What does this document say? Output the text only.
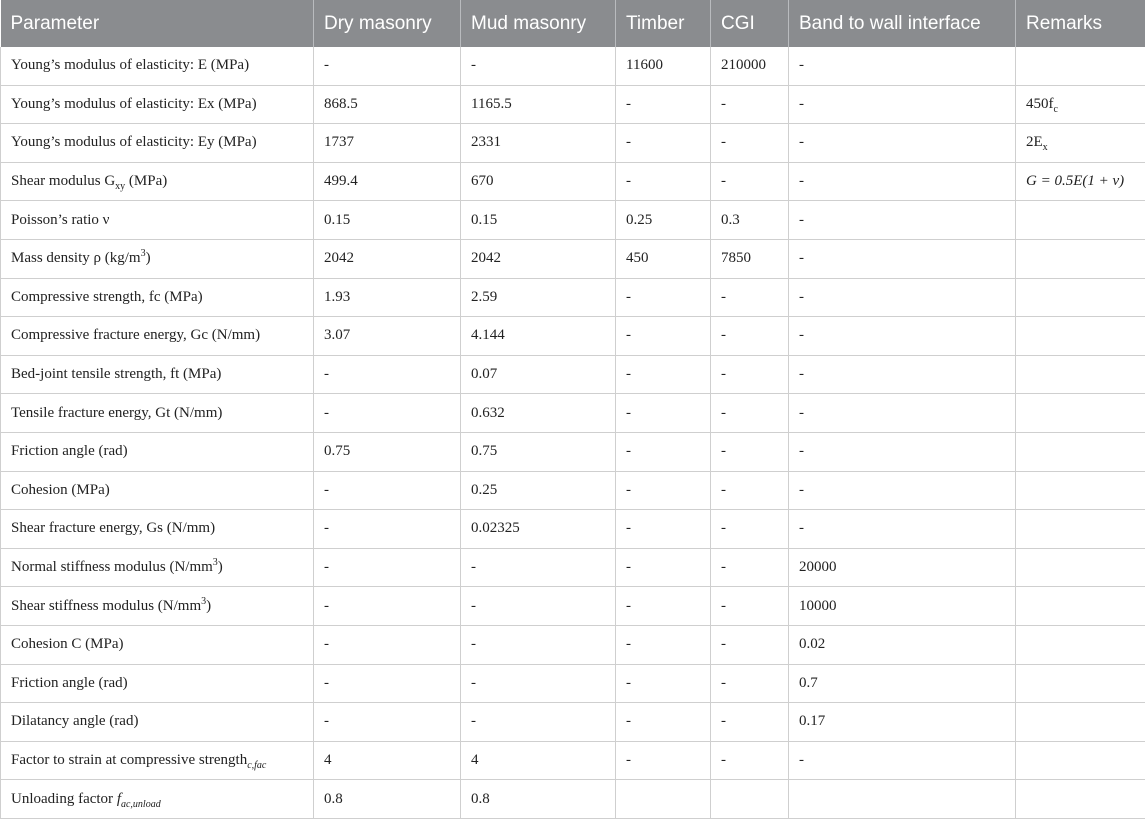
Parameter	Dry masonry	Mud masonry	Timber	CGI	Band to wall interface	Remarks
Young’s modulus of elasticity: E (MPa)	-	-	11600	210000	-	
Young’s modulus of elasticity: Ex (MPa)	868.5	1165.5	-	-	-	$450f_c$
Young’s modulus of elasticity: Ey (MPa)	1737	2331	-	-	-	$2E_x$
Shear modulus $G_{xy}$ (MPa)	499.4	670	-	-	-	G = 0.5E(1 + ν)
Poisson’s ratio ν	0.15	0.15	0.25	0.3	-	
Mass density ρ $(kg/m^3)$	2042	2042	450	7850	-	
Compressive strength, fc (MPa)	1.93	2.59	-	-	-	
Compressive fracture energy, Gc (N/mm)	3.07	4.144	-	-	-	
Bed-joint tensile strength, ft (MPa)	-	0.07	-	-	-	
Tensile fracture energy, Gt (N/mm)	-	0.632	-	-	-	
Friction angle (rad)	0.75	0.75	-	-	-	
Cohesion (MPa)	-	0.25	-	-	-	
Shear fracture energy, Gs (N/mm)	-	0.02325	-	-	-	
Normal stiffness modulus $(N/mm^3)$	-	-	-	-	20000	
Shear stiffness modulus $(N/mm^3)$	-	-	-	-	10000	
Cohesion C (MPa)	-	-	-	-	0.02	
Friction angle (rad)	-	-	-	-	0.7	
Dilatancy angle (rad)	-	-	-	-	0.17	
Factor to strain at compressive strength$_{c,fac}$	4	4	-	-	-	
Unloading factor $f_{ac,unload}$	0.8	0.8				
